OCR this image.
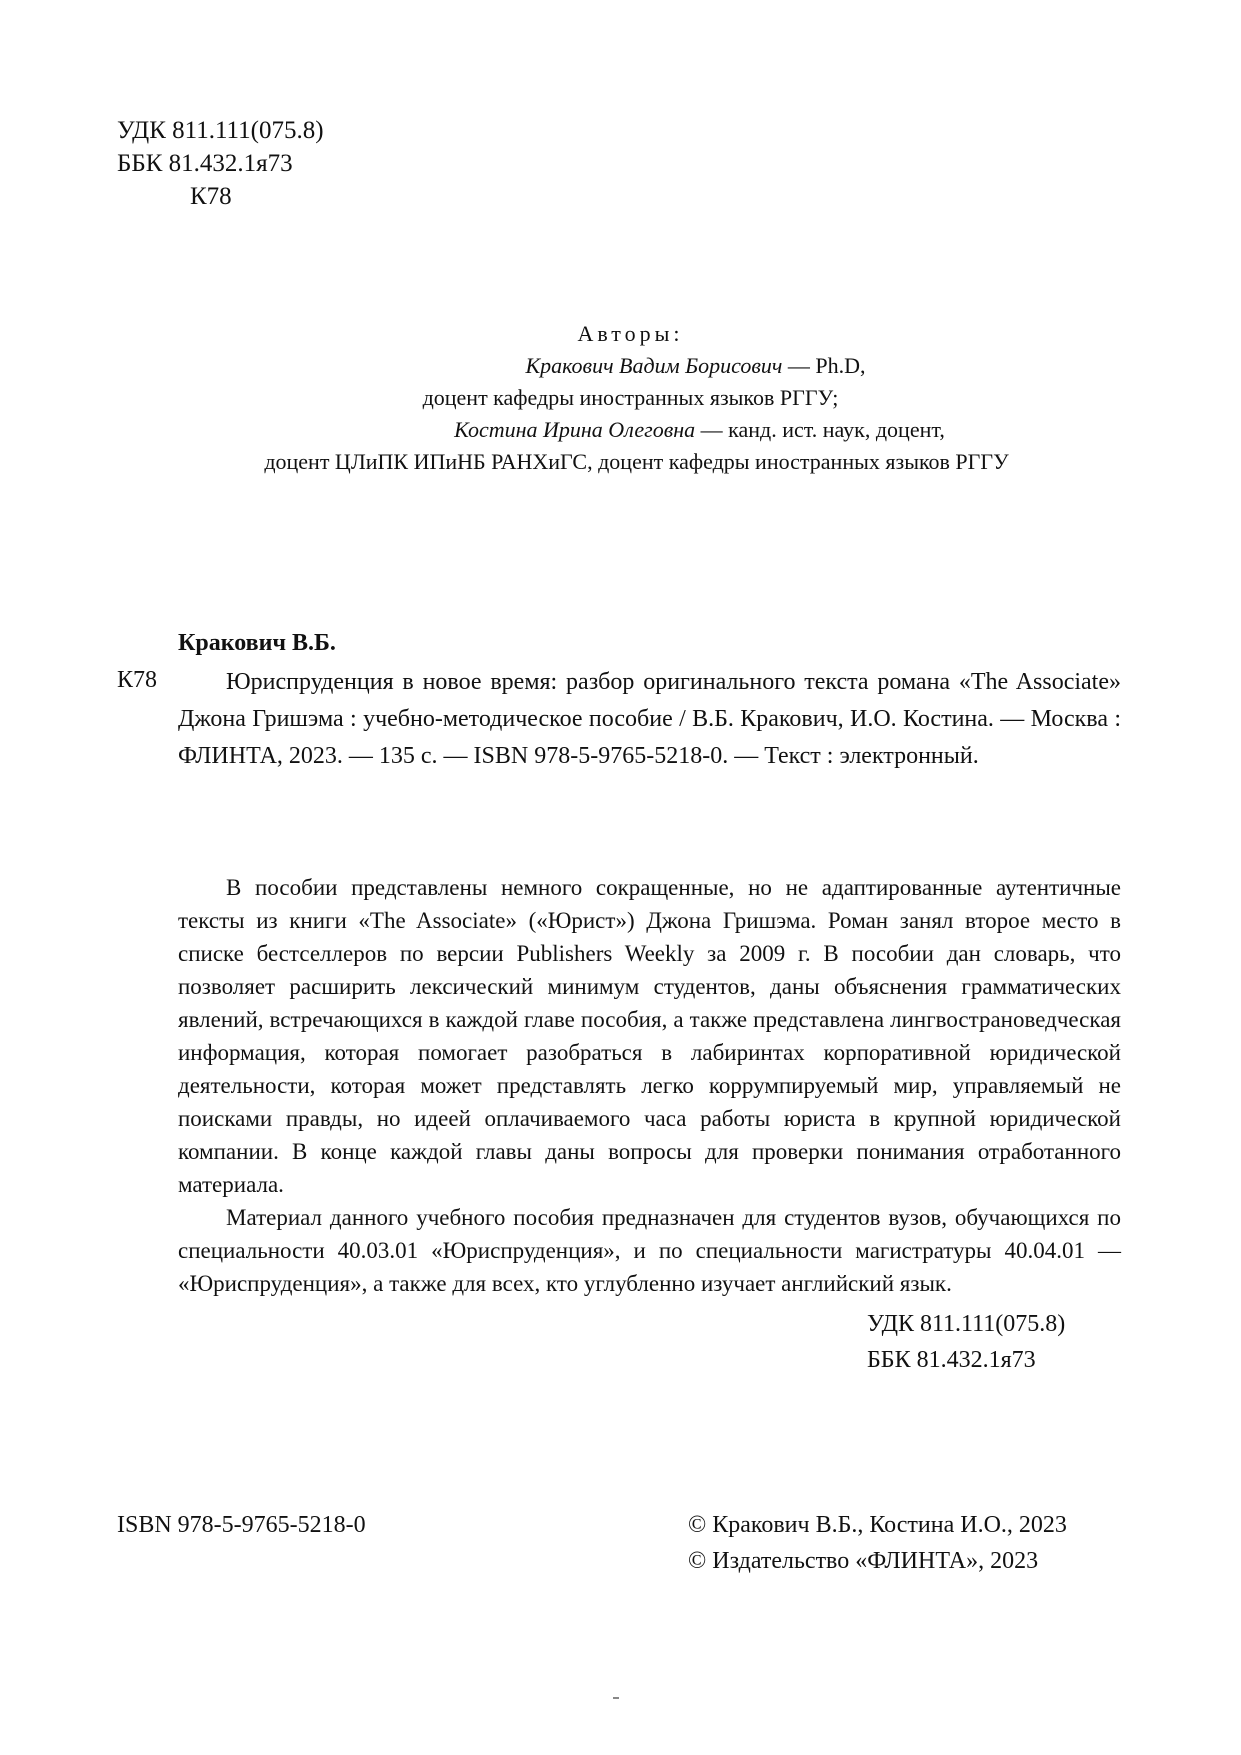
УДК 811.111(075.8)
ББК 81.432.1я73
К78
Авторы:
Кракович Вадим Борисович — Ph.D,
доцент кафедры иностранных языков РГГУ;
Костина Ирина Олеговна — канд. ист. наук, доцент,
доцент ЦЛиПК ИПиНБ РАНХиГС, доцент кафедры иностранных языков РГГУ
Кракович В.Б.
К78	Юриспруденция в новое время: разбор оригинального текста романа «The Associate» Джона Гришэма : учебно-методическое пособие / В.Б. Кракович, И.О. Костина. — Москва : ФЛИНТА, 2023. — 135 с. — ISBN 978-5-9765-5218-0. — Текст : электронный.

В пособии представлены немного сокращенные, но не адаптированные аутентичные тексты из книги «The Associate» («Юрист») Джона Гришэма. Роман занял второе место в списке бестселлеров по версии Publishers Weekly за 2009 г. В пособии дан словарь, что позволяет расширить лексический минимум студентов, даны объяснения грамматических явлений, встречающихся в каждой главе пособия, а также представлена лингвострановедческая информация, которая помогает разобраться в лабиринтах корпоративной юридической деятельности, которая может представлять легко коррумпируемый мир, управляемый не поисками правды, но идеей оплачиваемого часа работы юриста в крупной юридической компании. В конце каждой главы даны вопросы для проверки понимания отработанного материала.

Материал данного учебного пособия предназначен для студентов вузов, обучающихся по специальности 40.03.01 «Юриспруденция», и по специальности магистратуры 40.04.01 — «Юриспруденция», а также для всех, кто углубленно изучает английский язык.

УДК 811.111(075.8)
ББК 81.432.1я73
ISBN 978-5-9765-5218-0	© Кракович В.Б., Костина И.О., 2023
© Издательство «ФЛИНТА», 2023
